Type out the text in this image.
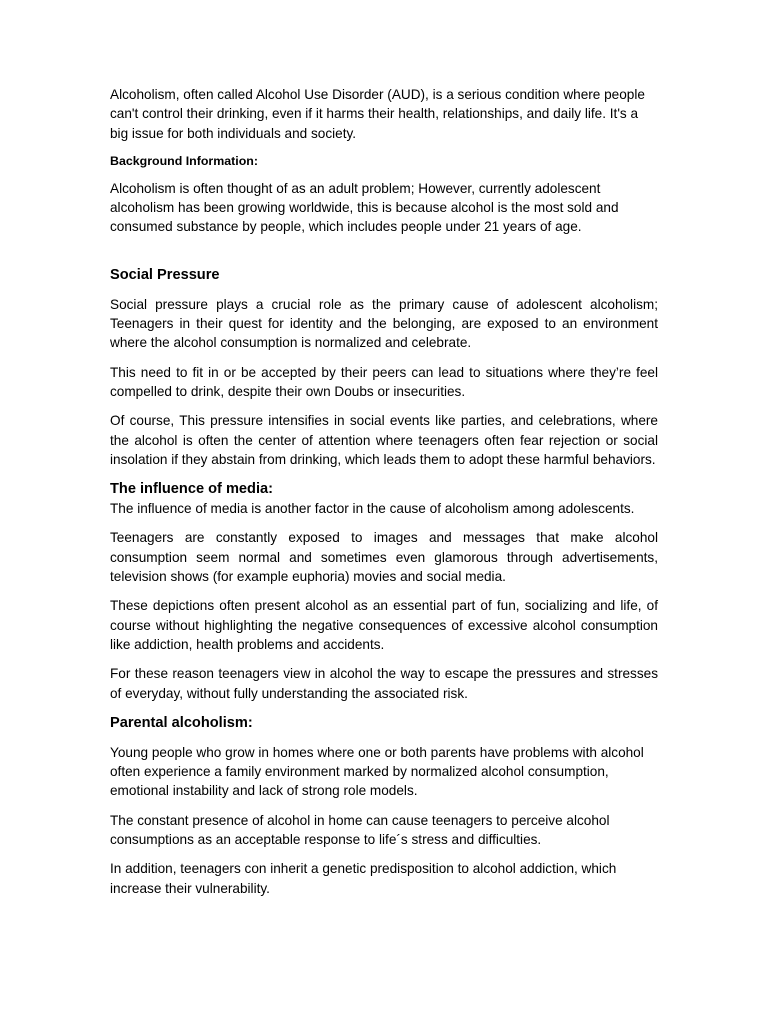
Alcoholism, often called Alcohol Use Disorder (AUD), is a serious condition where people can't control their drinking, even if it harms their health, relationships, and daily life. It's a big issue for both individuals and society.

Background Information:

Alcoholism is often thought of as an adult problem; However, currently adolescent alcoholism has been growing worldwide, this is because alcohol is the most sold and consumed substance by people, which includes people under 21 years of age.

Social Pressure

Social pressure plays a crucial role as the primary cause of adolescent alcoholism; Teenagers in their quest for identity and the belonging, are exposed to an environment where the alcohol consumption is normalized and celebrate.

This need to fit in or be accepted by their peers can lead to situations where they’re feel compelled to drink, despite their own Doubs or insecurities.

Of course, This pressure intensifies in social events like parties, and celebrations, where the alcohol is often the center of attention where teenagers often fear rejection or social insolation if they abstain from drinking, which leads them to adopt these harmful behaviors.

The influence of media:

The influence of media is another factor in the cause of alcoholism among adolescents.

Teenagers are constantly exposed to images and messages that make alcohol consumption seem normal and sometimes even glamorous through advertisements, television shows (for example euphoria) movies and social media.

These depictions often present alcohol as an essential part of fun, socializing and life, of course without highlighting the negative consequences of excessive alcohol consumption like addiction, health problems and accidents.

For these reason teenagers view in alcohol the way to escape the pressures and stresses of everyday, without fully understanding the associated risk.

Parental alcoholism:

Young people who grow in homes where one or both parents have problems with alcohol often experience a family environment marked by normalized alcohol consumption, emotional instability and lack of strong role models.

The constant presence of alcohol in home can cause teenagers to perceive alcohol consumptions as an acceptable response to life´s stress and difficulties.

In addition, teenagers con inherit a genetic predisposition to alcohol addiction, which increase their vulnerability.
